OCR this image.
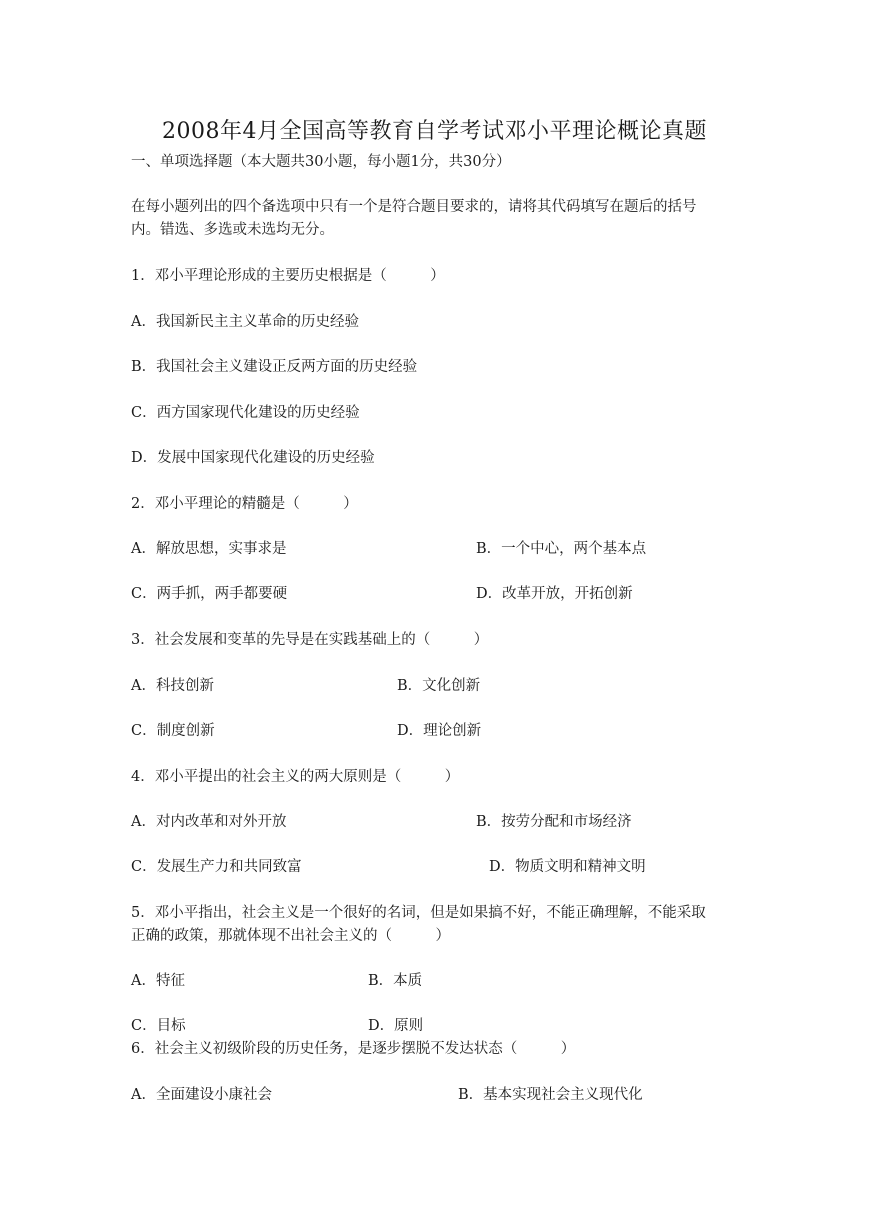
2008年4月全国高等教育自学考试邓小平理论概论真题
一、单项选择题（本大题共30小题，每小题1分，共30分）
在每小题列出的四个备选项中只有一个是符合题目要求的，请将其代码填写在题后的括号
内。错选、多选或未选均无分。
1．邓小平理论形成的主要历史根据是（　　　）
A．我国新民主主义革命的历史经验
B．我国社会主义建设正反两方面的历史经验
C．西方国家现代化建设的历史经验
D．发展中国家现代化建设的历史经验
2．邓小平理论的精髓是（　　　）
A．解放思想，实事求是	B．一个中心，两个基本点
C．两手抓，两手都要硬	D．改革开放，开拓创新
3．社会发展和变革的先导是在实践基础上的（　　　）
A．科技创新	B．文化创新
C．制度创新	D．理论创新
4．邓小平提出的社会主义的两大原则是（　　　）
A．对内改革和对外开放	B．按劳分配和市场经济
C．发展生产力和共同致富	D．物质文明和精神文明
5．邓小平指出，社会主义是一个很好的名词，但是如果搞不好，不能正确理解，不能采取
正确的政策，那就体现不出社会主义的（　　　）
A．特征	B．本质
C．目标	D．原则
6．社会主义初级阶段的历史任务，是逐步摆脱不发达状态（　　　）
A．全面建设小康社会	B．基本实现社会主义现代化
